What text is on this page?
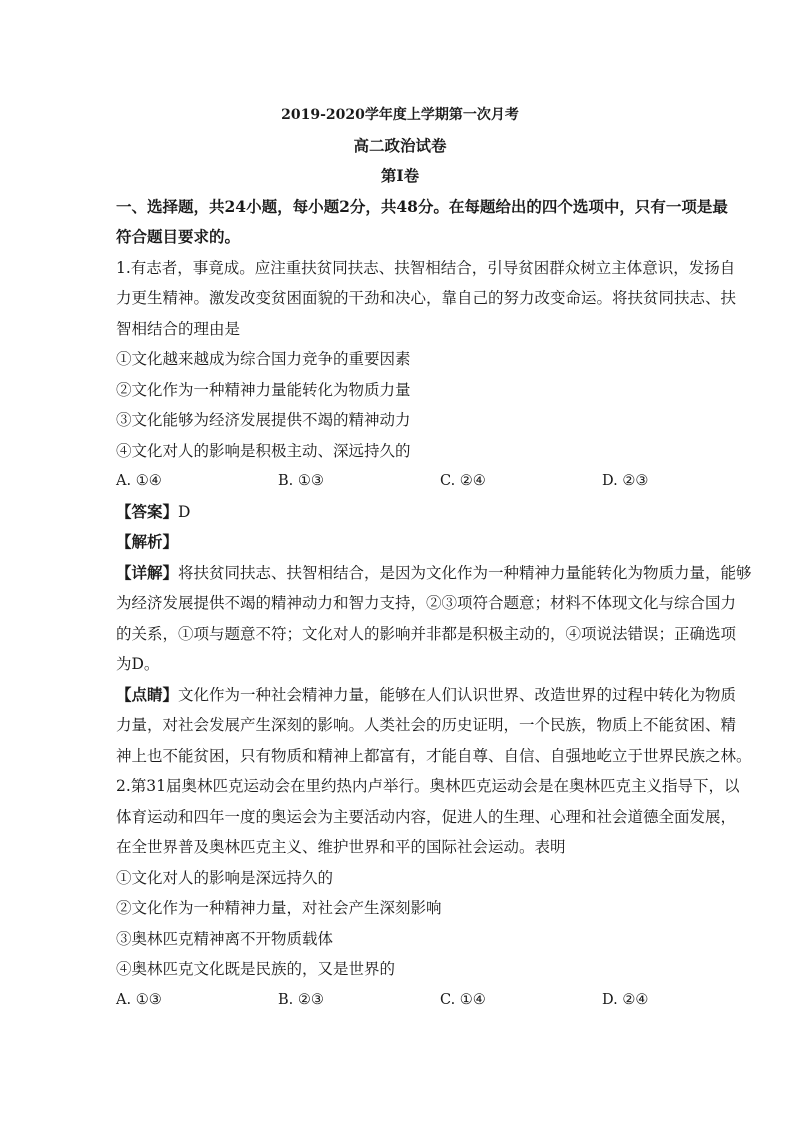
2019-2020学年度上学期第一次月考
高二政治试卷
第Ⅰ卷
一、选择题，共24小题，每小题2分，共48分。在每题给出的四个选项中，只有一项是最
符合题目要求的。
1.有志者，事竟成。应注重扶贫同扶志、扶智相结合，引导贫困群众树立主体意识，发扬自
力更生精神。激发改变贫困面貌的干劲和决心，靠自己的努力改变命运。将扶贫同扶志、扶
智相结合的理由是
①文化越来越成为综合国力竞争的重要因素
②文化作为一种精神力量能转化为物质力量
③文化能够为经济发展提供不竭的精神动力
④文化对人的影响是积极主动、深远持久的
A. ①④	B. ①③	C. ②④	D. ②③
【答案】D
【解析】
【详解】将扶贫同扶志、扶智相结合，是因为文化作为一种精神力量能转化为物质力量，能够
为经济发展提供不竭的精神动力和智力支持，②③项符合题意；材料不体现文化与综合国力
的关系，①项与题意不符；文化对人的影响并非都是积极主动的，④项说法错误；正确选项
为D。
【点睛】文化作为一种社会精神力量，能够在人们认识世界、改造世界的过程中转化为物质
力量，对社会发展产生深刻的影响。人类社会的历史证明，一个民族，物质上不能贫困、精
神上也不能贫困，只有物质和精神上都富有，才能自尊、自信、自强地屹立于世界民族之林。
2.第31届奥林匹克运动会在里约热内卢举行。奥林匹克运动会是在奥林匹克主义指导下，以
体育运动和四年一度的奥运会为主要活动内容，促进人的生理、心理和社会道德全面发展，
在全世界普及奥林匹克主义、维护世界和平的国际社会运动。表明
①文化对人的影响是深远持久的
②文化作为一种精神力量，对社会产生深刻影响
③奥林匹克精神离不开物质载体
④奥林匹克文化既是民族的，又是世界的
A. ①③	B. ②③	C. ①④	D. ②④
